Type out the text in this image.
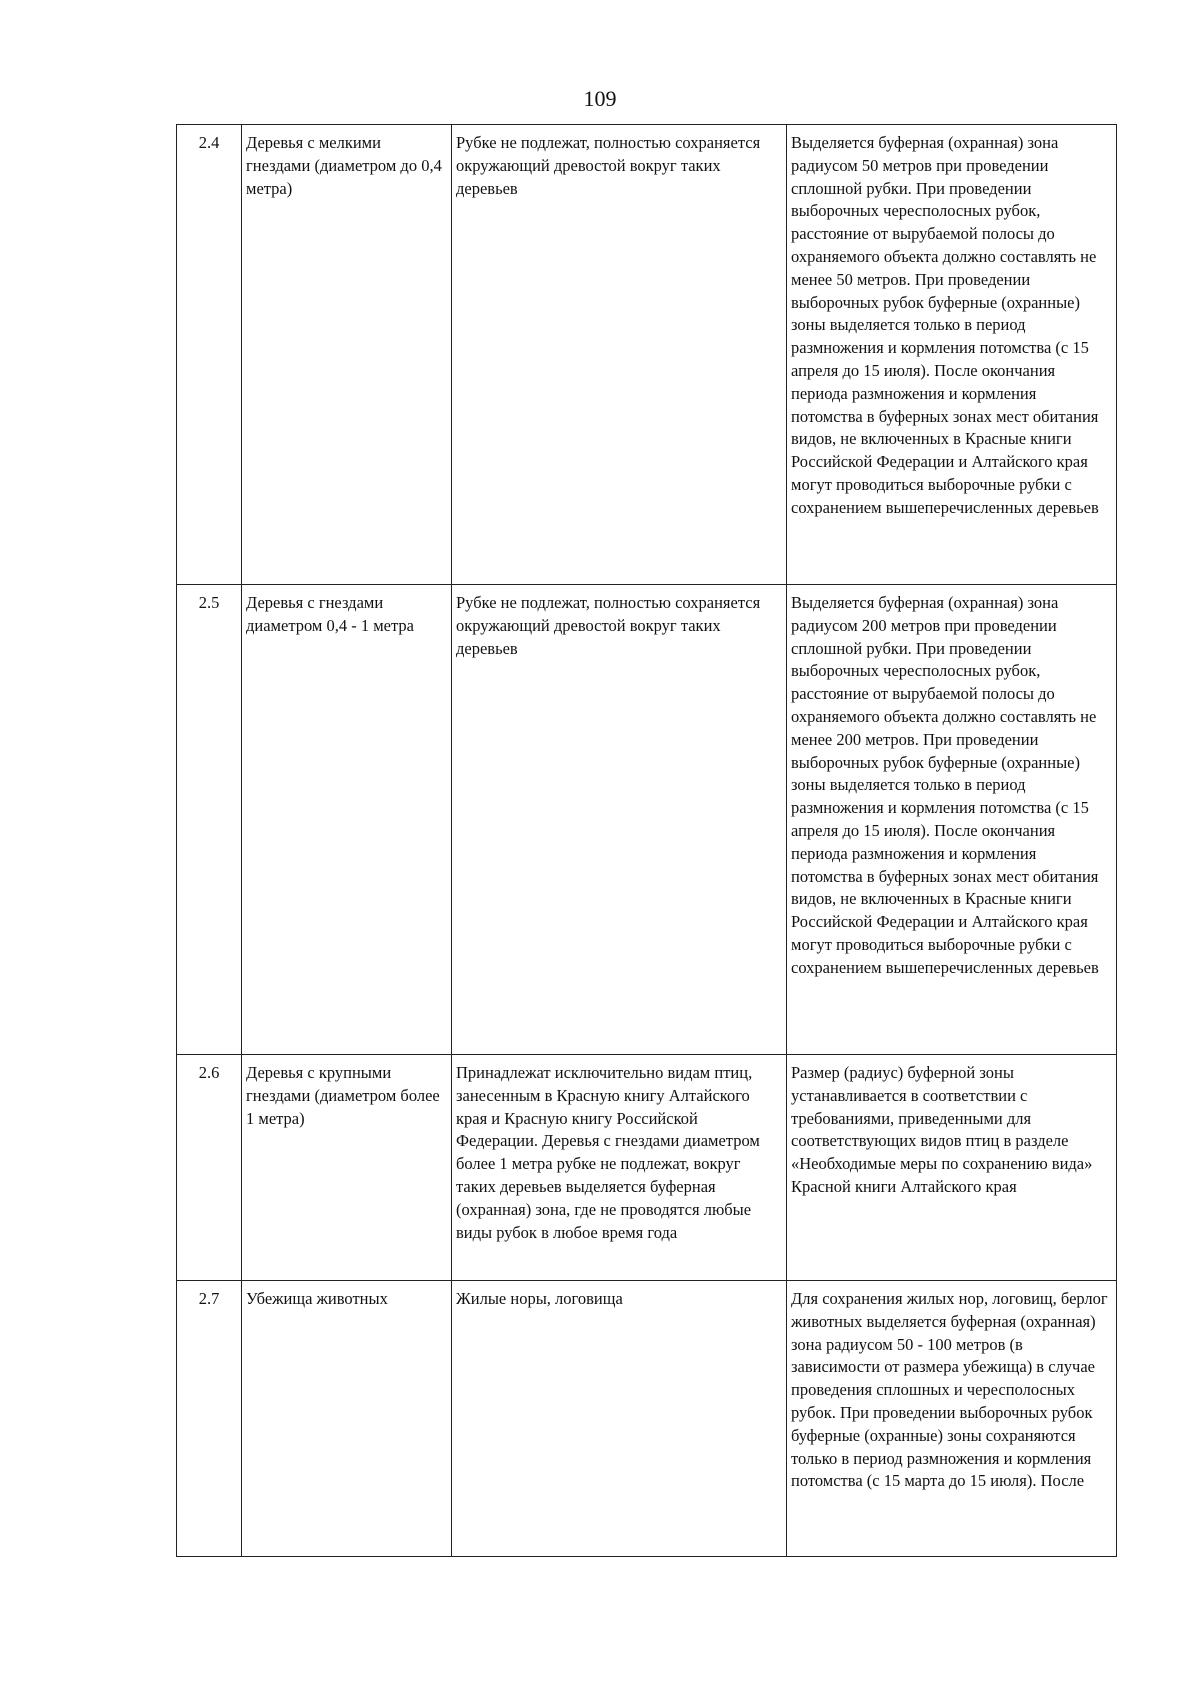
109
2.4	Деревья с мелкими гнездами (диаметром до 0,4 метра)	Рубке не подлежат, полностью сохраняется окружающий древостой вокруг таких деревьев	Выделяется буферная (охранная) зона радиусом 50 метров при проведении сплошной рубки. При проведении выборочных чересполосных рубок, расстояние от вырубаемой полосы до охраняемого объекта должно составлять не менее 50 метров. При проведении выборочных рубок буферные (охранные) зоны выделяется только в период размножения и кормления потомства (с 15 апреля до 15 июля). После окончания периода размножения и кормления потомства в буферных зонах мест обитания видов, не включенных в Красные книги Российской Федерации и Алтайского края могут проводиться выборочные рубки с сохранением вышеперечисленных деревьев
2.5	Деревья с гнездами диаметром 0,4 - 1 метра	Рубке не подлежат, полностью сохраняется окружающий древостой вокруг таких деревьев	Выделяется буферная (охранная) зона радиусом 200 метров при проведении сплошной рубки. При проведении выборочных чересполосных рубок, расстояние от вырубаемой полосы до охраняемого объекта должно составлять не менее 200 метров. При проведении выборочных рубок буферные (охранные) зоны выделяется только в период размножения и кормления потомства (с 15 апреля до 15 июля). После окончания периода размножения и кормления потомства в буферных зонах мест обитания видов, не включенных в Красные книги Российской Федерации и Алтайского края могут проводиться выборочные рубки с сохранением вышеперечисленных деревьев
2.6	Деревья с крупными гнездами (диаметром более 1 метра)	Принадлежат исключительно видам птиц, занесенным в Красную книгу Алтайского края и Красную книгу Российской Федерации. Деревья с гнездами диаметром более 1 метра рубке не подлежат, вокруг таких деревьев выделяется буферная (охранная) зона, где не проводятся любые виды рубок в любое время года	Размер (радиус) буферной зоны устанавливается в соответствии с требованиями, приведенными для соответствующих видов птиц в разделе «Необходимые меры по сохранению вида» Красной книги Алтайского края
2.7	Убежища животных	Жилые норы, логовища	Для сохранения жилых нор, логовищ, берлог животных выделяется буферная (охранная) зона радиусом 50 - 100 метров (в зависимости от размера убежища) в случае проведения сплошных и чересполосных рубок. При проведении выборочных рубок буферные (охранные) зоны сохраняются только в период размножения и кормления потомства (с 15 марта до 15 июля). После
